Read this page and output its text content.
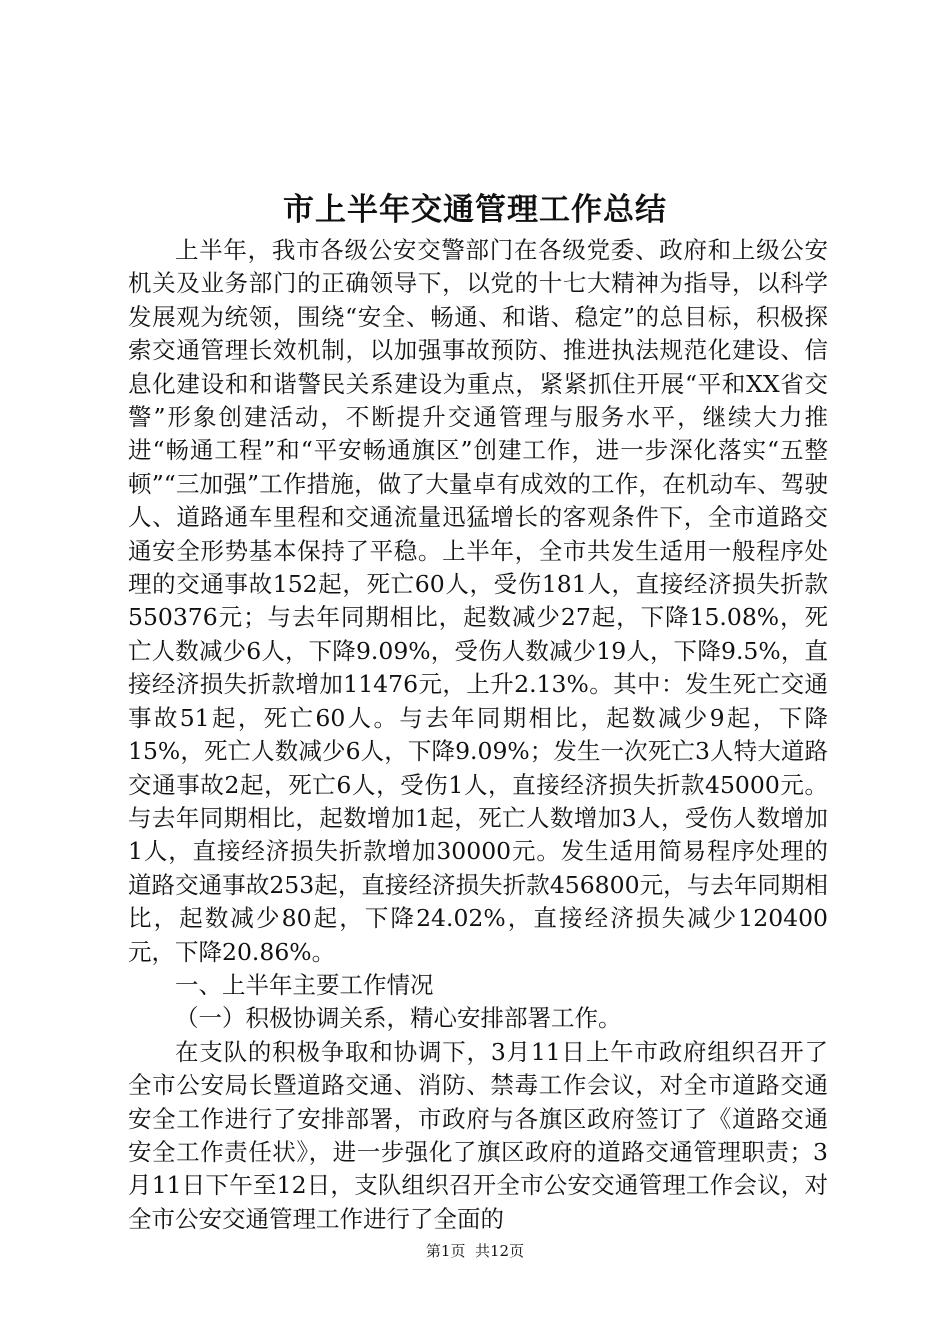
市上半年交通管理工作总结

上半年，我市各级公安交警部门在各级党委、政府和上级公安机关及业务部门的正确领导下，以党的十七大精神为指导，以科学发展观为统领，围绕“安全、畅通、和谐、稳定”的总目标，积极探索交通管理长效机制，以加强事故预防、推进执法规范化建设、信息化建设和和谐警民关系建设为重点，紧紧抓住开展“平和XX省交警”形象创建活动，不断提升交通管理与服务水平，继续大力推进“畅通工程”和“平安畅通旗区”创建工作，进一步深化落实“五整顿”“三加强”工作措施，做了大量卓有成效的工作，在机动车、驾驶人、道路通车里程和交通流量迅猛增长的客观条件下，全市道路交通安全形势基本保持了平稳。上半年，全市共发生适用一般程序处理的交通事故152起，死亡60人，受伤181人，直接经济损失折款550376元；与去年同期相比，起数减少27起，下降15.08%，死亡人数减少6人，下降9.09%，受伤人数减少19人，下降9.5%，直接经济损失折款增加11476元，上升2.13%。其中：发生死亡交通事故51起，死亡60人。与去年同期相比，起数减少9起，下降15%，死亡人数减少6人，下降9.09%；发生一次死亡3人特大道路交通事故2起，死亡6人，受伤1人，直接经济损失折款45000元。与去年同期相比，起数增加1起，死亡人数增加3人，受伤人数增加1人，直接经济损失折款增加30000元。发生适用简易程序处理的道路交通事故253起，直接经济损失折款456800元，与去年同期相比，起数减少80起，下降24.02%，直接经济损失减少120400元，下降20.86%。

一、上半年主要工作情况

（一）积极协调关系，精心安排部署工作。

在支队的积极争取和协调下，3月11日上午市政府组织召开了全市公安局长暨道路交通、消防、禁毒工作会议，对全市道路交通安全工作进行了安排部署，市政府与各旗区政府签订了《道路交通安全工作责任状》，进一步强化了旗区政府的道路交通管理职责；3月11日下午至12日，支队组织召开全市公安交通管理工作会议，对全市公安交通管理工作进行了全面的

第1页 共12页
